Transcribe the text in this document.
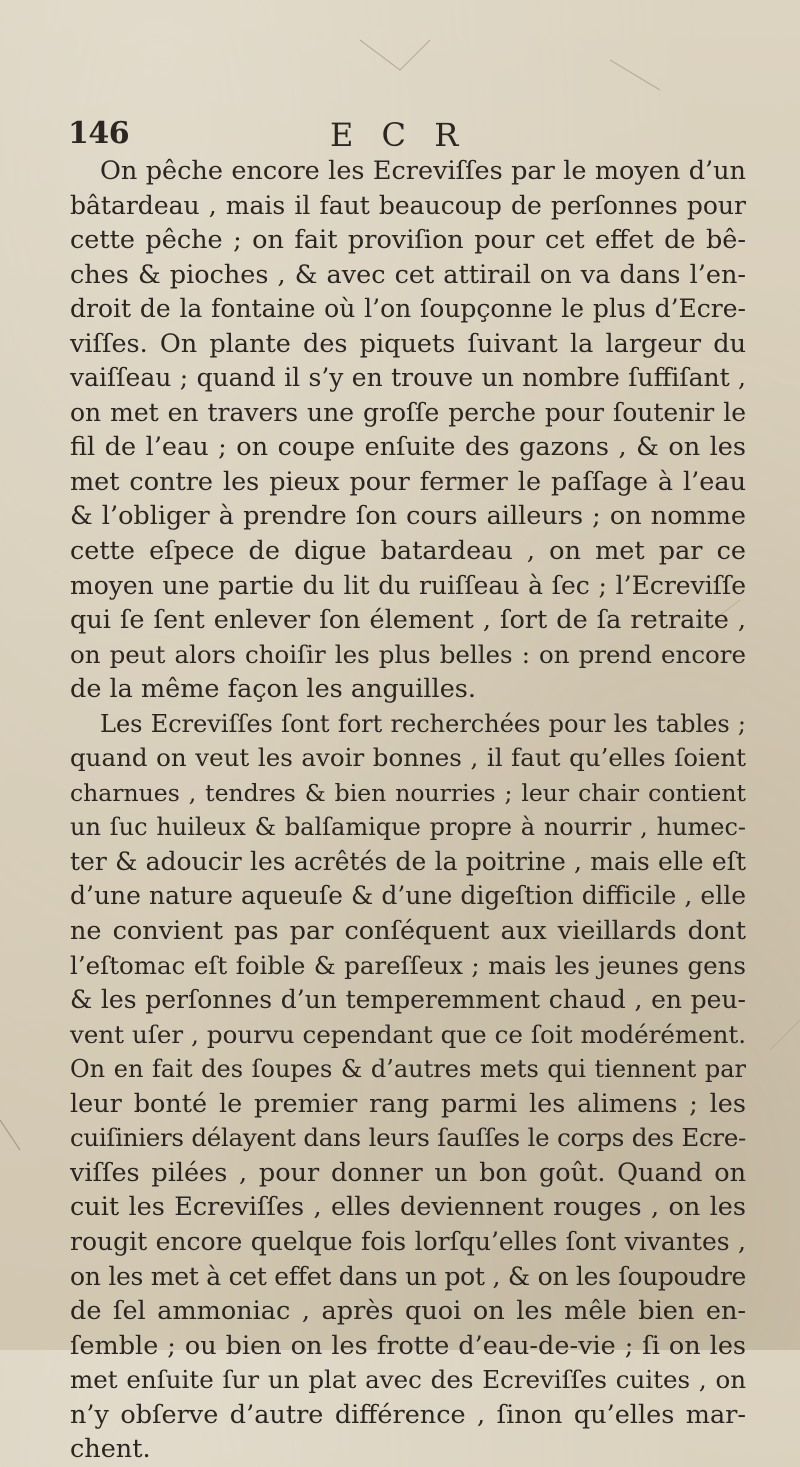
146	E C R
On pêche encore les Ecreviſſes par le moyen d’un
bâtardeau , mais il faut beaucoup de perſonnes pour
cette pêche ; on fait proviſion pour cet effet de bê-
ches & pioches , & avec cet attirail on va dans l’en-
droit de la fontaine où l’on ſoupçonne le plus d’Ecre-
viſſes. On plante des piquets ſuivant la largeur du
vaiſſeau ; quand il s’y en trouve un nombre ſuffiſant ,
on met en travers une groſſe perche pour ſoutenir le
fil de l’eau ; on coupe enſuite des gazons , & on les
met contre les pieux pour fermer le paſſage à l’eau
& l’obliger à prendre ſon cours ailleurs ; on nomme
cette eſpece de digue batardeau , on met par ce
moyen une partie du lit du ruiſſeau à ſec ; l’Ecreviſſe
qui ſe ſent enlever ſon élement , ſort de ſa retraite ,
on peut alors choiſir les plus belles : on prend encore
de la même façon les anguilles.
Les Ecreviſſes ſont fort recherchées pour les tables ;
quand on veut les avoir bonnes , il faut qu’elles ſoient
charnues , tendres & bien nourries ; leur chair contient
un ſuc huileux & balſamique propre à nourrir , humec-
ter & adoucir les acrêtés de la poitrine , mais elle eſt
d’une nature aqueuſe & d’une digeſtion difficile , elle
ne convient pas par conſéquent aux vieillards dont
l’eſtomac eſt foible & pareſſeux ; mais les jeunes gens
& les perſonnes d’un temperemment chaud , en peu-
vent uſer , pourvu cependant que ce ſoit modérément.
On en fait des ſoupes & d’autres mets qui tiennent par
leur bonté le premier rang parmi les alimens ; les
cuiſiniers délayent dans leurs ſauſſes le corps des Ecre-
viſſes pilées , pour donner un bon goût. Quand on
cuit les Ecreviſſes , elles deviennent rouges , on les
rougit encore quelque fois lorſqu’elles ſont vivantes ,
on les met à cet effet dans un pot , & on les ſoupoudre
de ſel ammoniac , après quoi on les mêle bien en-
ſemble ; ou bien on les frotte d’eau-de-vie ; ſi on les
met enſuite ſur un plat avec des Ecreviſſes cuites , on
n’y obſerve d’autre différence , ſinon qu’elles mar-
chent.
